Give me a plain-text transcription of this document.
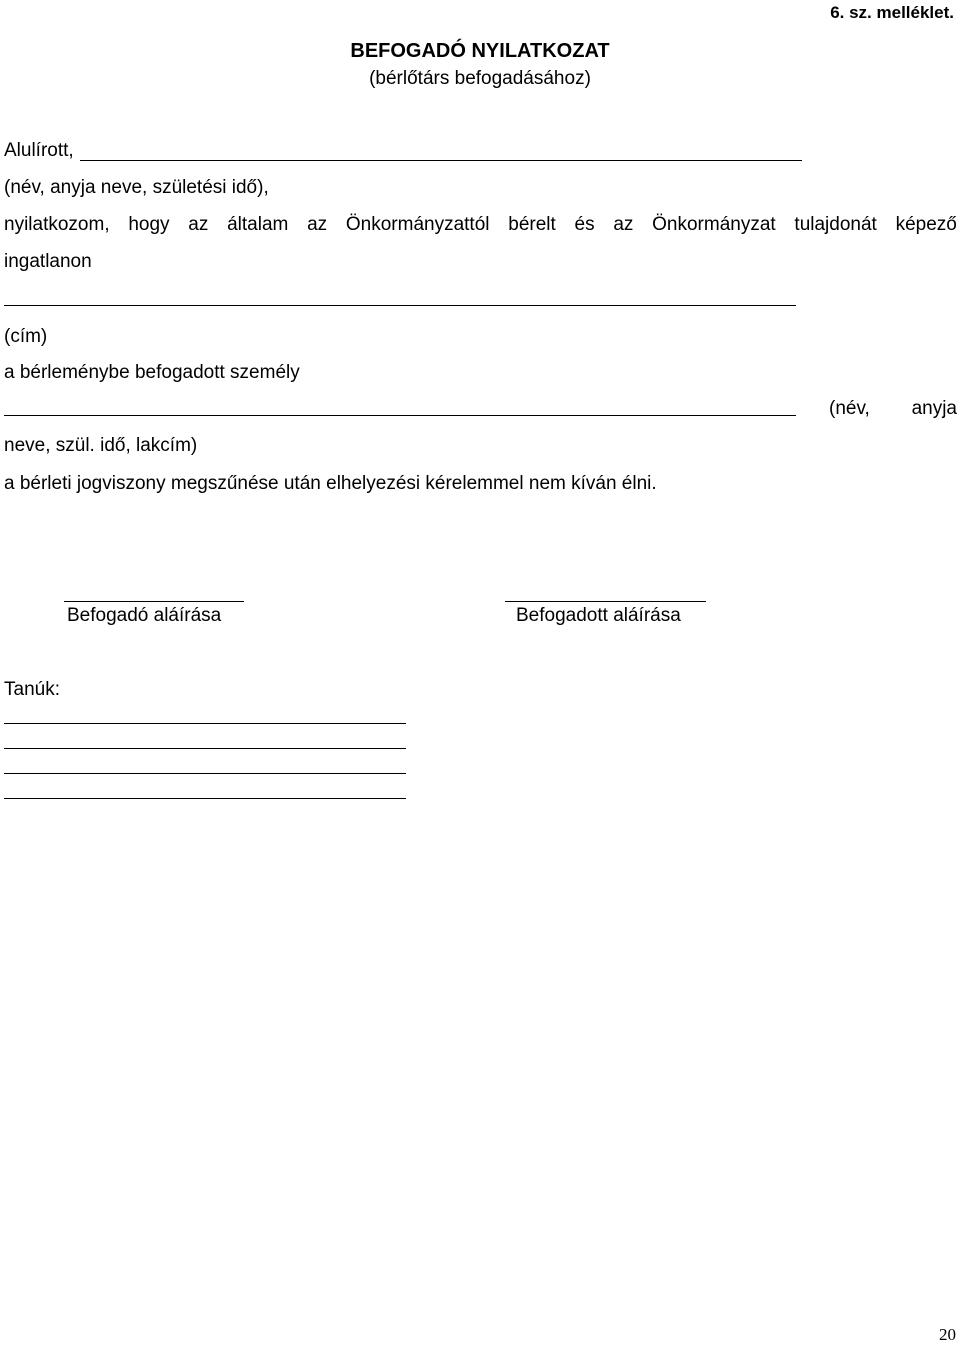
6. sz. melléklet.
BEFOGADÓ NYILATKOZAT
(bérlőtárs befogadásához)
Alulírott,
(név, anyja neve, születési idő),
nyilatkozom, hogy az általam az Önkormányzattól bérelt és az Önkormányzat tulajdonát képező
ingatlanon
(cím)
a bérleménybe befogadott személy
(név, anyja
neve, szül. idő, lakcím)
a bérleti jogviszony megszűnése után elhelyezési kérelemmel nem kíván élni.
Befogadó aláírása	Befogadott aláírása
Tanúk:
20
